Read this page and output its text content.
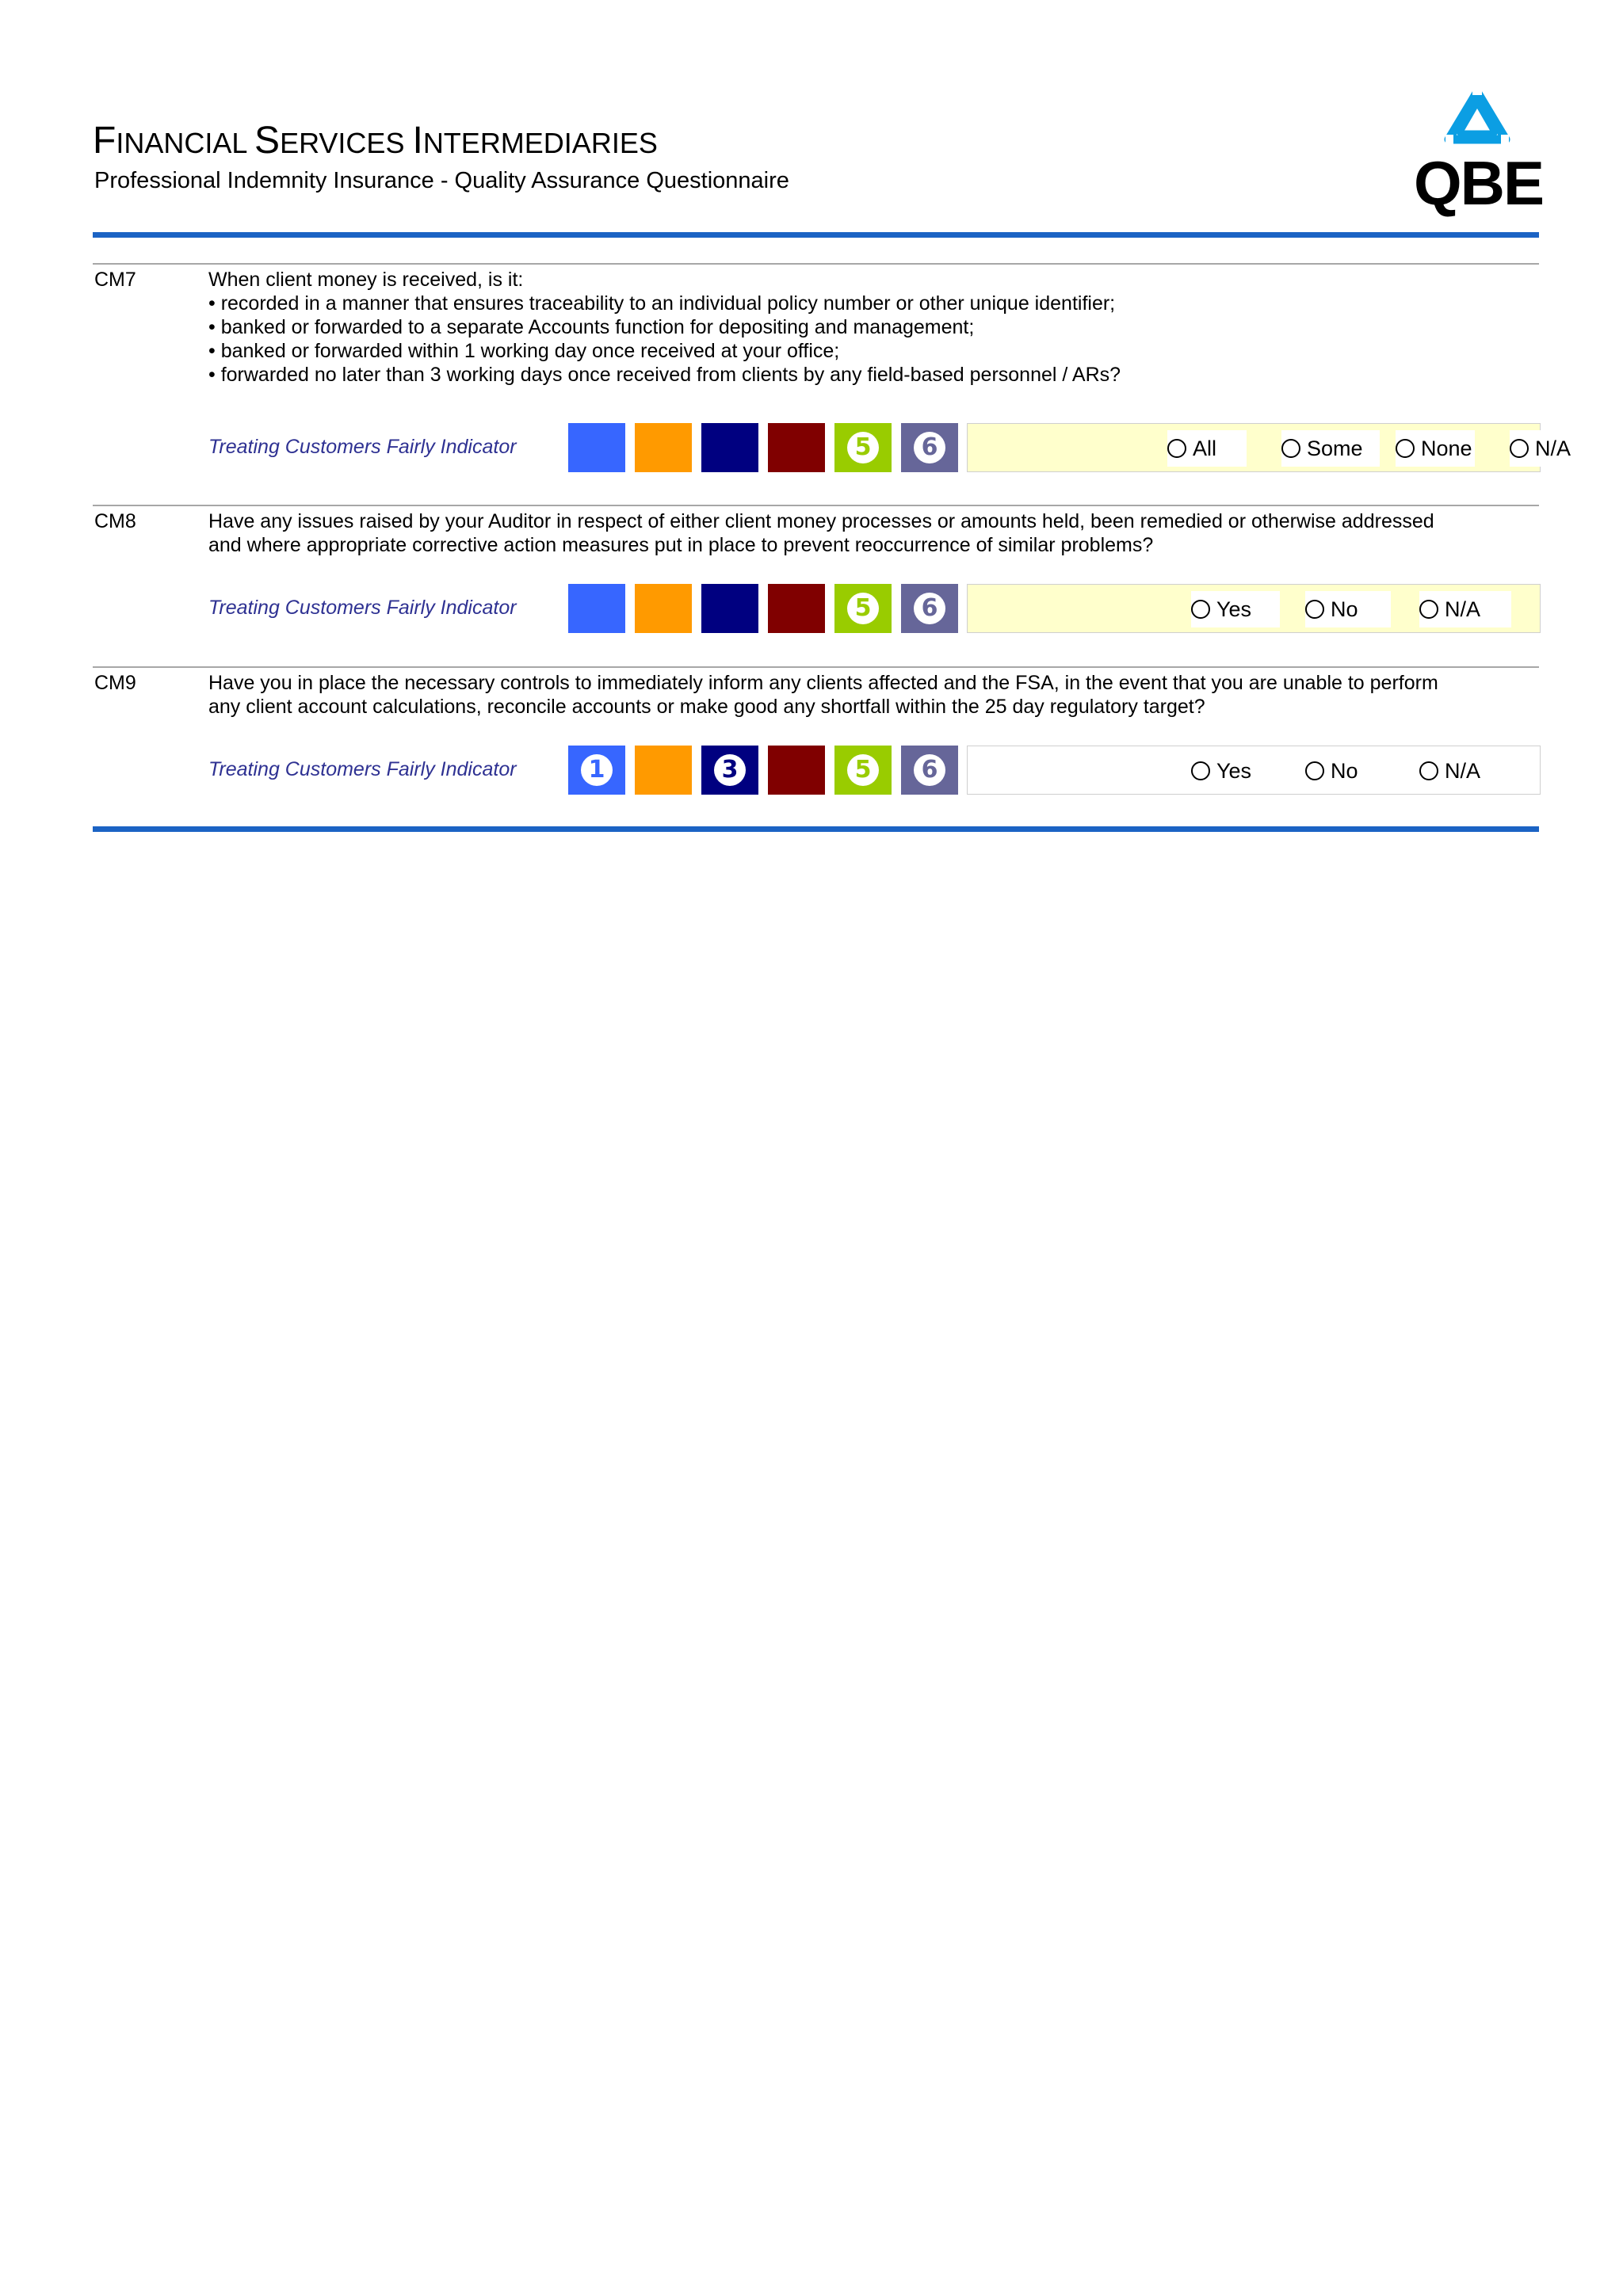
FINANCIAL SERVICES INTERMEDIARIES
Professional Indemnity Insurance - Quality Assurance Questionnaire	QBE
CM7	When client money is received, is it:
• recorded in a manner that ensures traceability to an individual policy number or other unique identifier;
• banked or forwarded to a separate Accounts function for depositing and management;
• banked or forwarded within 1 working day once received at your office;
• forwarded no later than 3 working days once received from clients by any field-based personnel / ARs?
Treating Customers Fairly Indicator	5	6	All	Some	None	N/A
CM8	Have any issues raised by your Auditor in respect of either client money processes or amounts held, been remedied or otherwise addressed
and where appropriate corrective action measures put in place to prevent reoccurrence of similar problems?
Treating Customers Fairly Indicator	5	6	Yes	No	N/A
CM9	Have you in place the necessary controls to immediately inform any clients affected and the FSA, in the event that you are unable to perform
any client account calculations, reconcile accounts or make good any shortfall within the 25 day regulatory target?
Treating Customers Fairly Indicator	1	3	5	6	Yes	No	N/A
